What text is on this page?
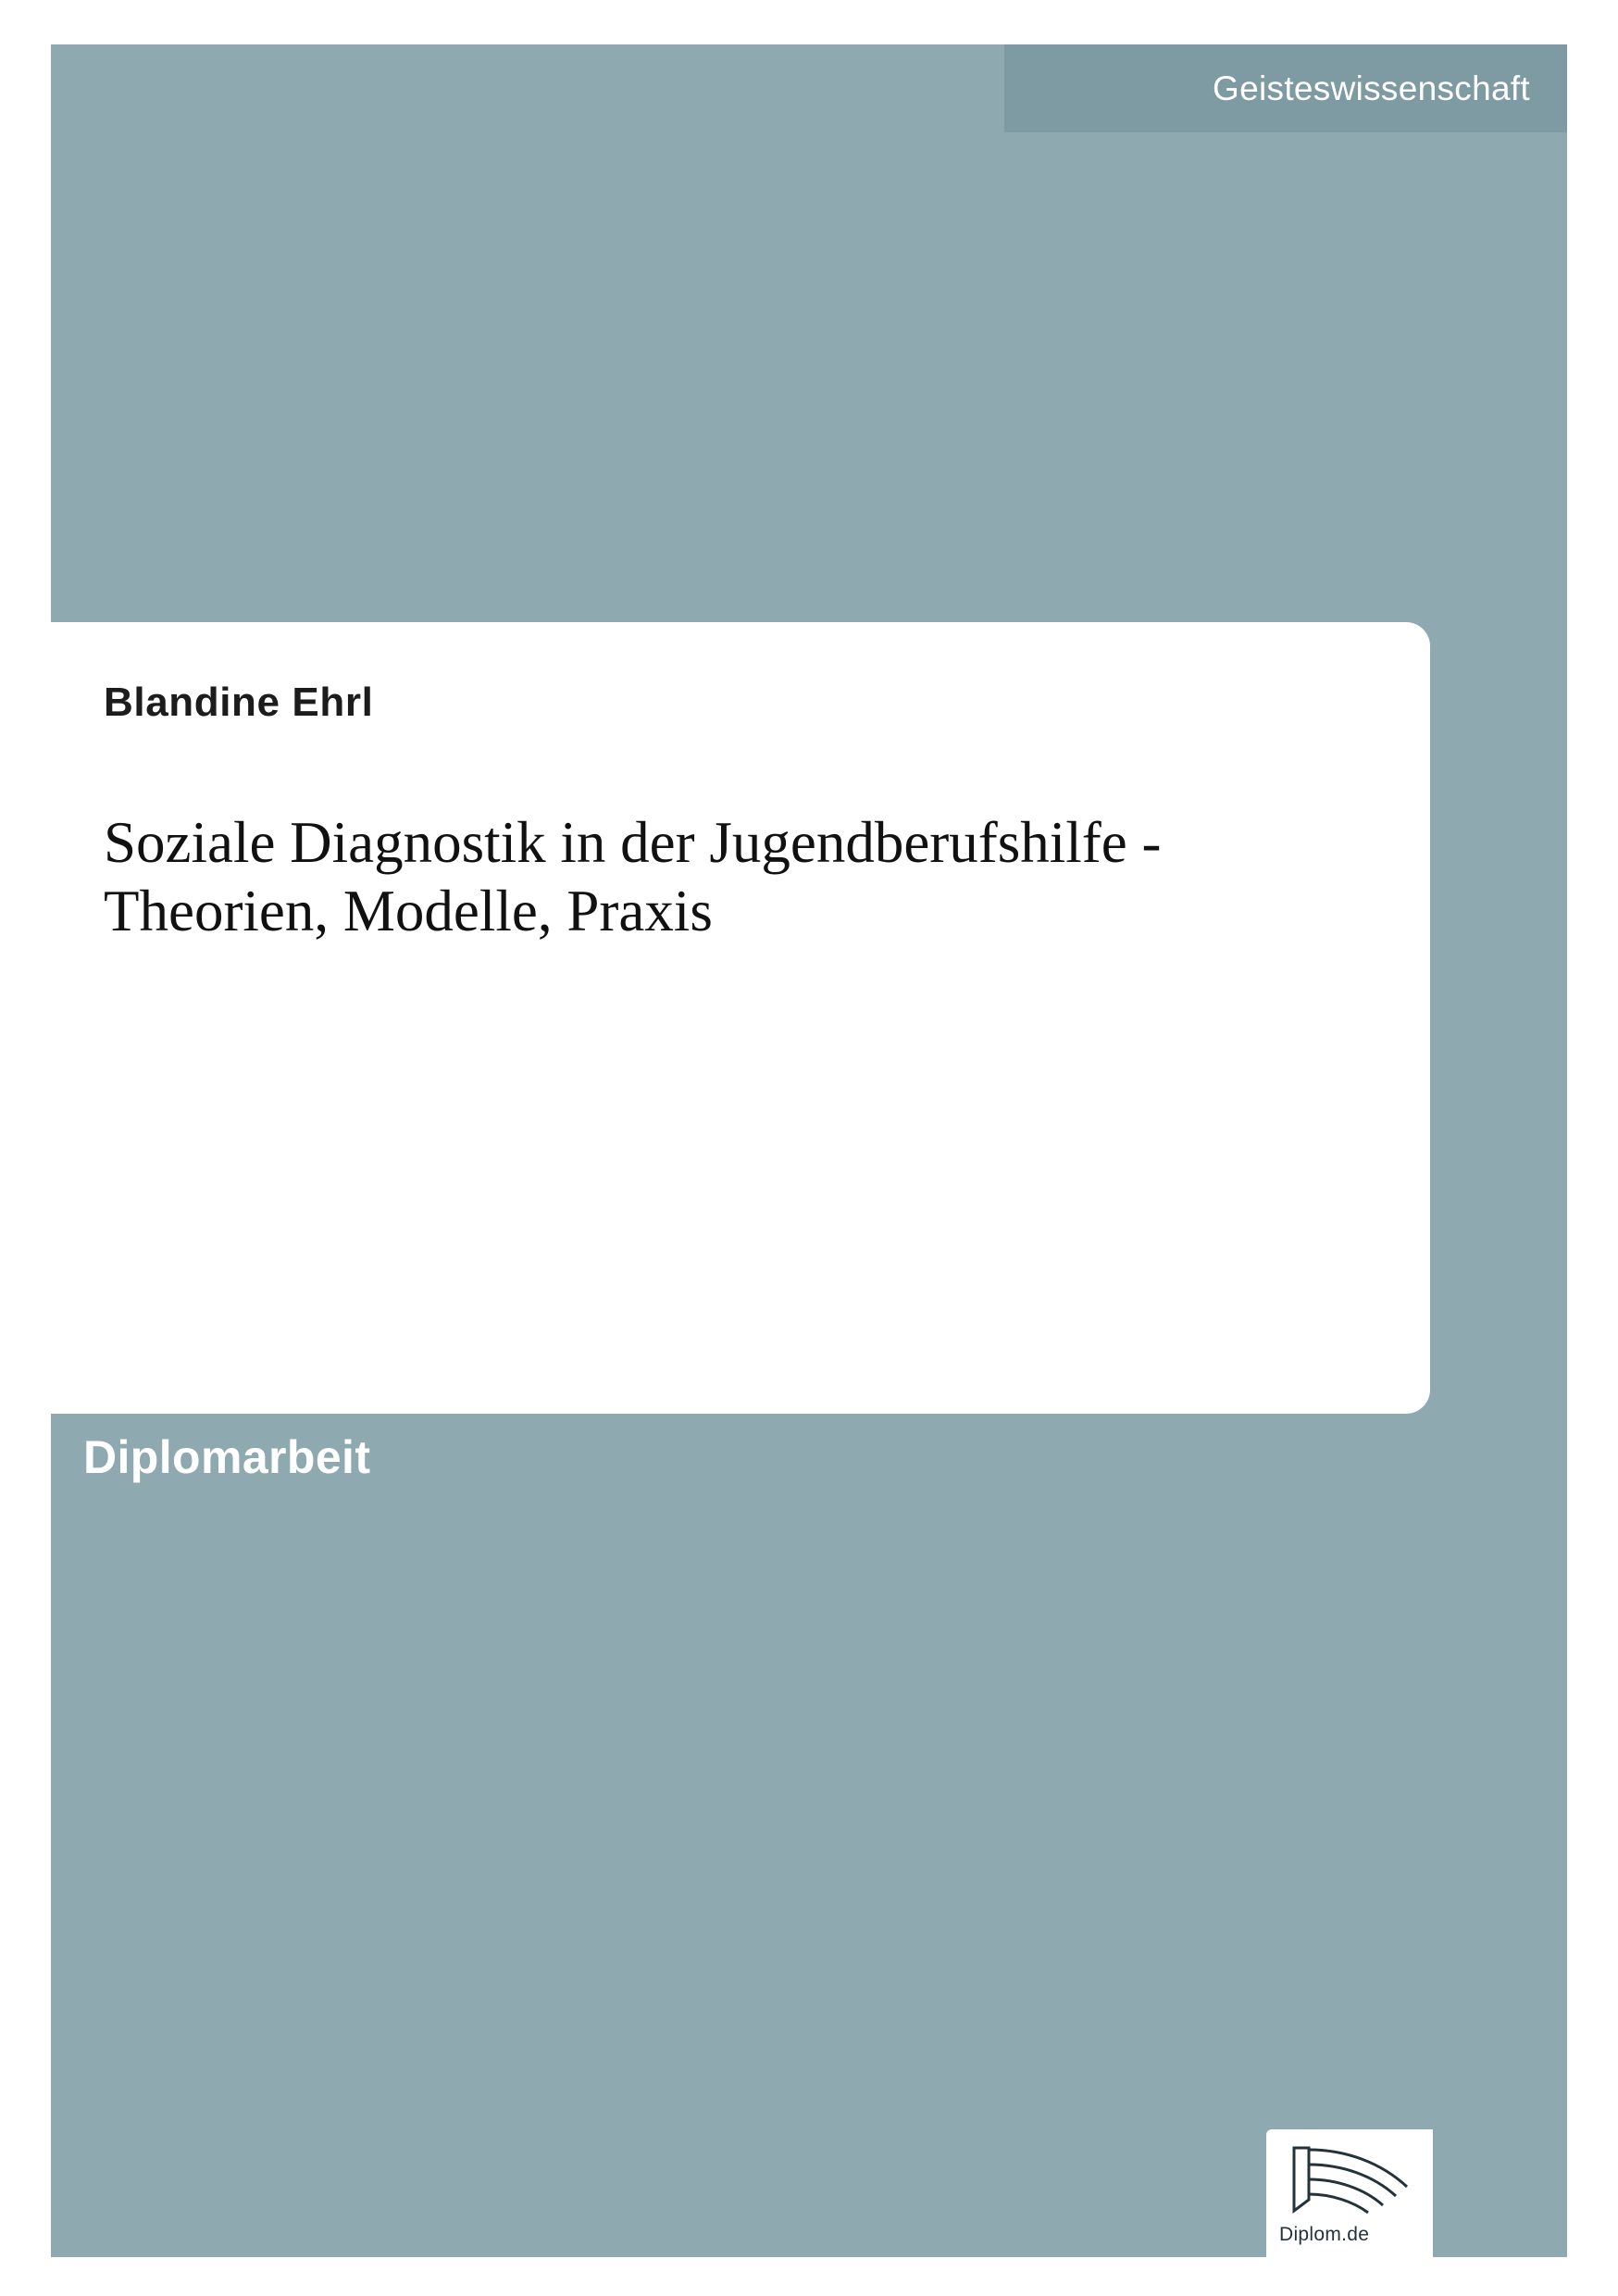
Geisteswissenschaft

Blandine Ehrl

Soziale Diagnostik in der Jugendberufshilfe - Theorien, Modelle, Praxis
Diplomarbeit
Diplom.de
